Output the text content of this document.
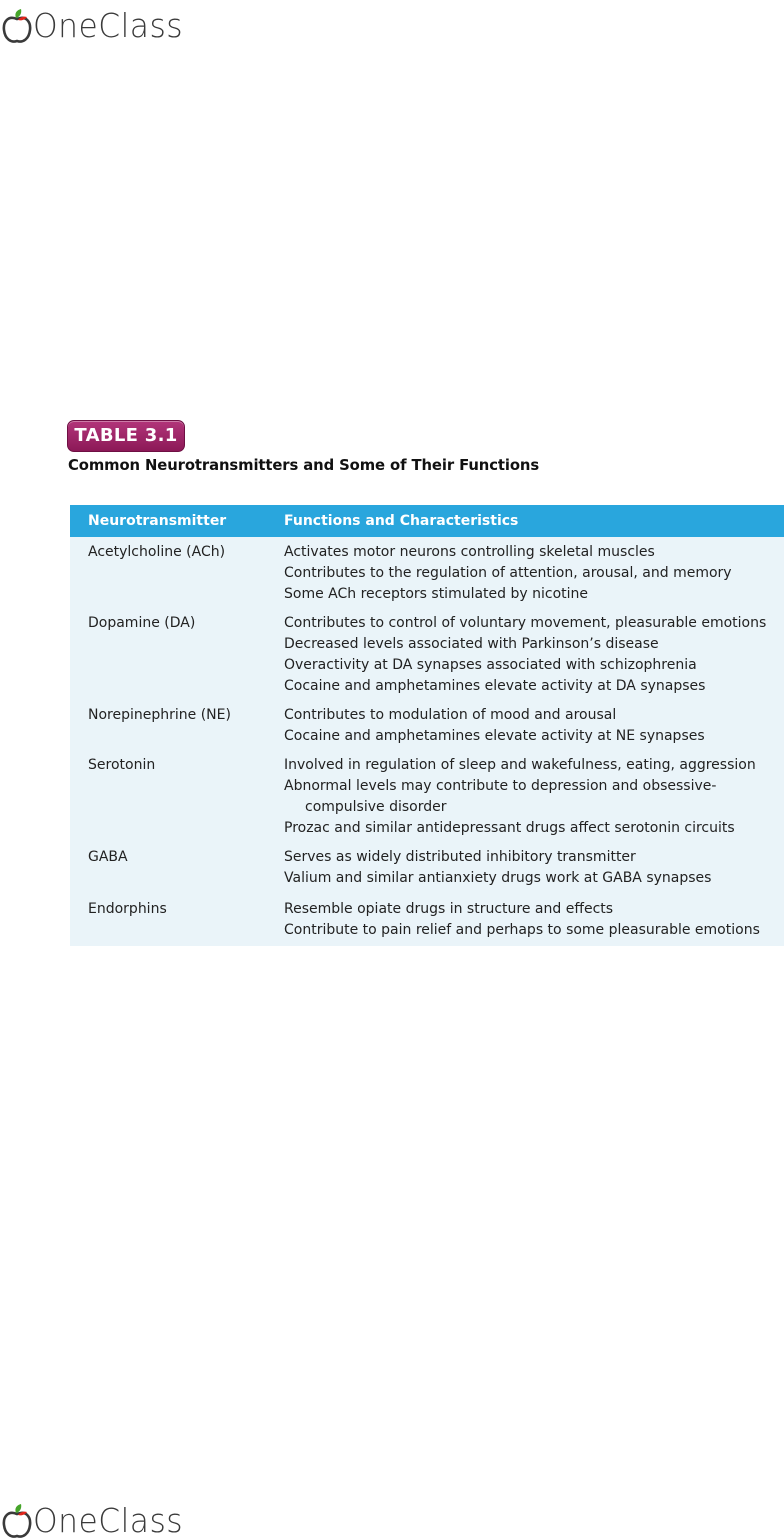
OneClass
TABLE 3.1
Common Neurotransmitters and Some of Their Functions
Neurotransmitter	Functions and Characteristics
Acetylcholine (ACh)	Activates motor neurons controlling skeletal muscles
Contributes to the regulation of attention, arousal, and memory
Some ACh receptors stimulated by nicotine
Dopamine (DA)	Contributes to control of voluntary movement, pleasurable emotions
Decreased levels associated with Parkinson’s disease
Overactivity at DA synapses associated with schizophrenia
Cocaine and amphetamines elevate activity at DA synapses
Norepinephrine (NE)	Contributes to modulation of mood and arousal
Cocaine and amphetamines elevate activity at NE synapses
Serotonin	Involved in regulation of sleep and wakefulness, eating, aggression
Abnormal levels may contribute to depression and obsessive-
compulsive disorder
Prozac and similar antidepressant drugs affect serotonin circuits
GABA	Serves as widely distributed inhibitory transmitter
Valium and similar antianxiety drugs work at GABA synapses
Endorphins	Resemble opiate drugs in structure and effects
Contribute to pain relief and perhaps to some pleasurable emotions
OneClass
